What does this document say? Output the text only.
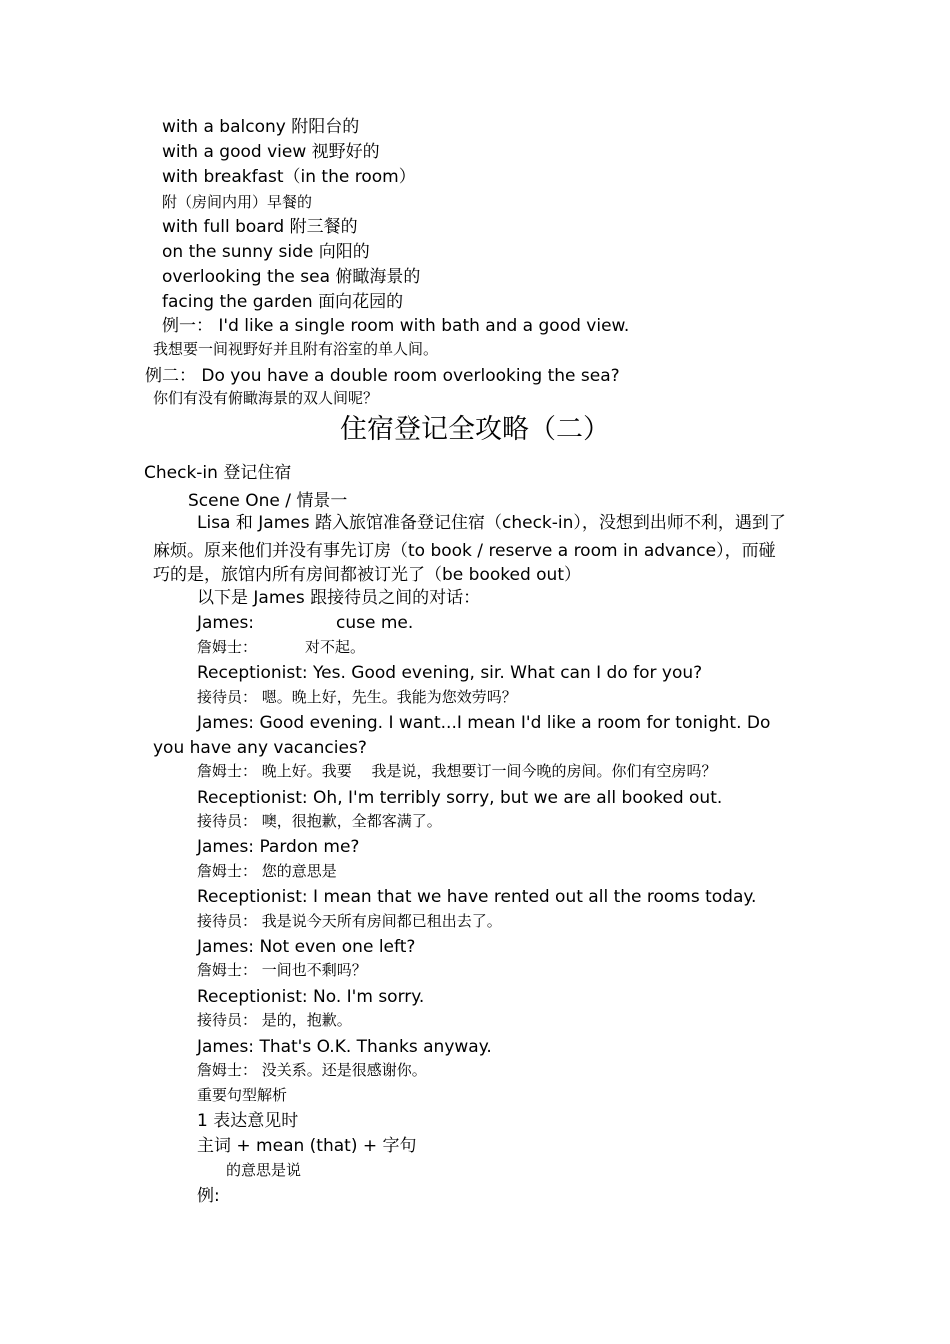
with a balcony 附阳台的
with a good view 视野好的
with breakfast（in the room）
附（房间内用）早餐的
with full board 附三餐的
on the sunny side 向阳的
overlooking the sea 俯瞰海景的
facing the garden 面向花园的
例一： I'd like a single room with bath and a good view.
我想要一间视野好并且附有浴室的单人间。
例二： Do you have a double room overlooking the sea?
你们有没有俯瞰海景的双人间呢？
住宿登记全攻略（二）
Check-in 登记住宿
Scene One / 情景一
Lisa 和 James 踏入旅馆准备登记住宿（check-in），没想到出师不利，遇到了
麻烦。原来他们并没有事先订房（to book / reserve a room in advance），而碰
巧的是，旅馆内所有房间都被订光了（be booked out）
以下是 James 跟接待员之间的对话：
James:	cuse me.
詹姆士：	对不起。
Receptionist: Yes. Good evening, sir. What can I do for you?
接待员： 嗯。晚上好，先生。我能为您效劳吗？
James: Good evening. I want...I mean I'd like a room for tonight. Do
you have any vacancies?
詹姆士： 晚上好。我要　 我是说，我想要订一间今晚的房间。你们有空房吗？
Receptionist: Oh, I'm terribly sorry, but we are all booked out.
接待员： 噢，很抱歉，全都客满了。
James: Pardon me?
詹姆士： 您的意思是
Receptionist: I mean that we have rented out all the rooms today.
接待员： 我是说今天所有房间都已租出去了。
James: Not even one left?
詹姆士： 一间也不剩吗？
Receptionist: No. I'm sorry.
接待员： 是的，抱歉。
James: That's O.K. Thanks anyway.
詹姆士： 没关系。还是很感谢你。
重要句型解析
1 表达意见时
主词 + mean (that) + 字句
的意思是说
例:
